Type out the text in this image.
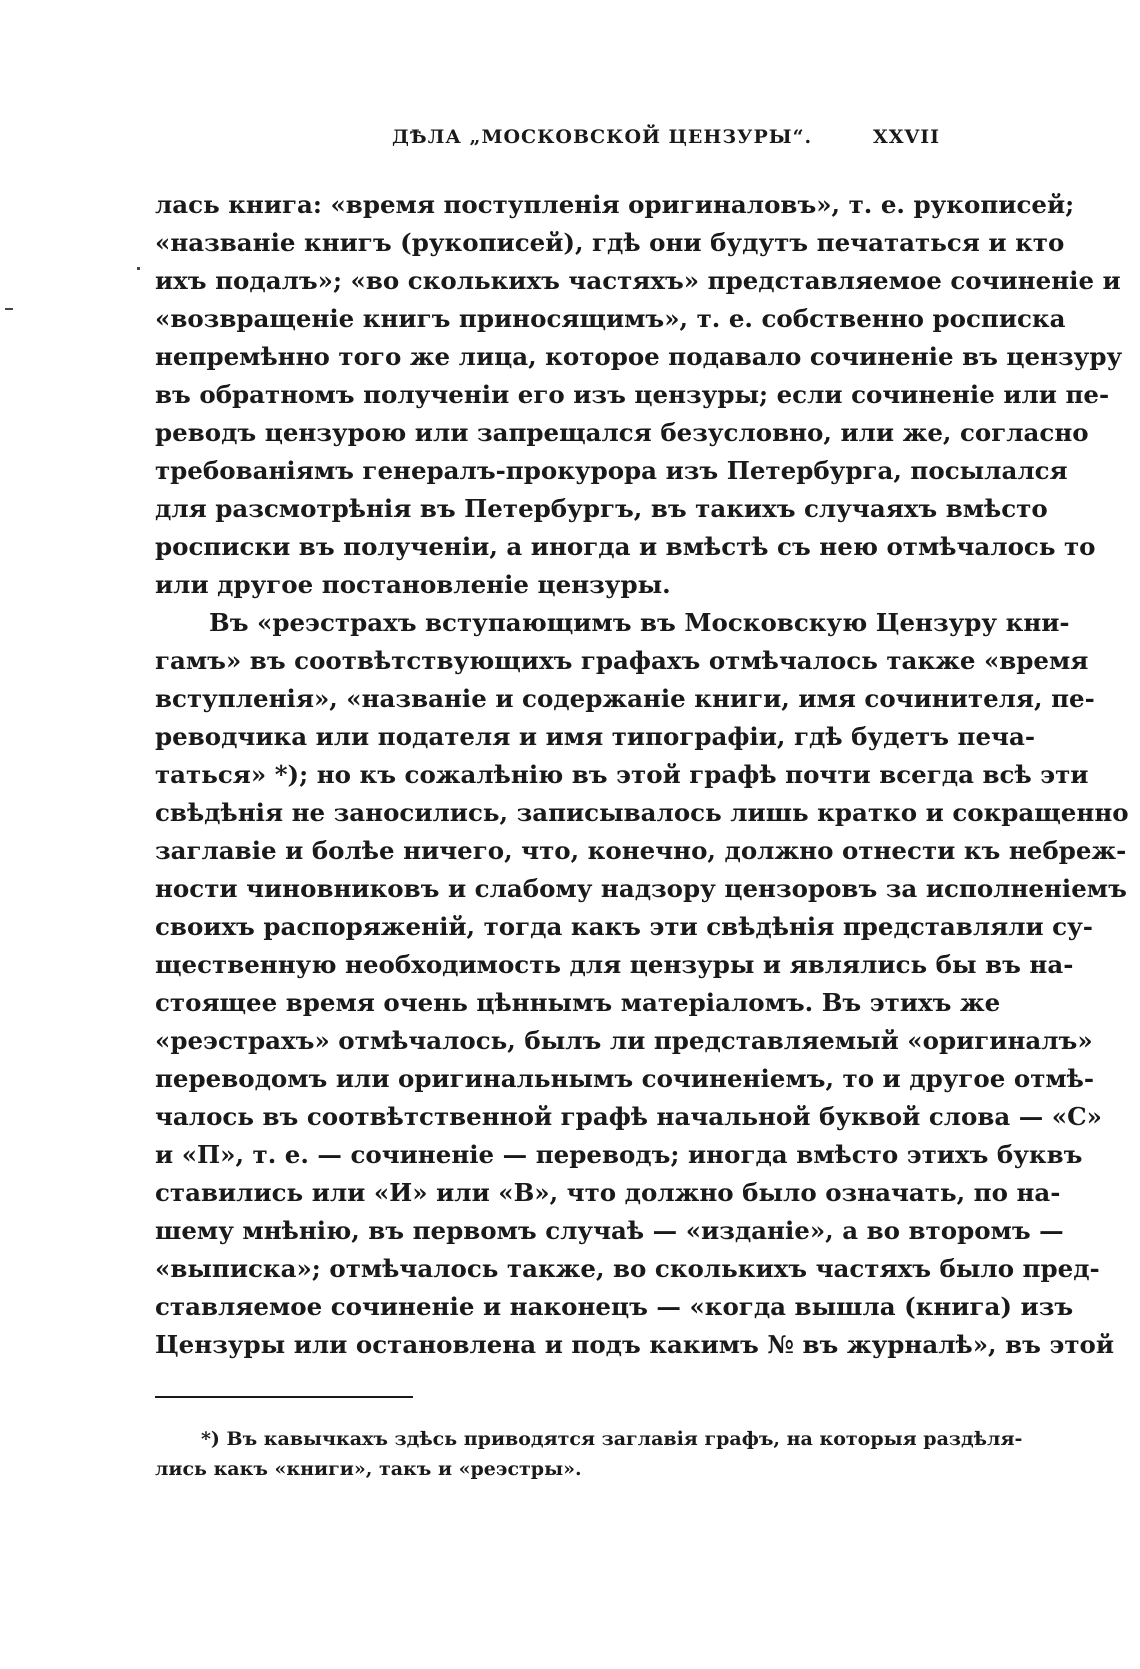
ДѢЛА „МОСКОВСКОЙ ЦЕНЗУРЫ“.	XXVII
лась книга: «время поступленія оригиналовъ», т. е. рукописей;
«названіе книгъ (рукописей), гдѣ они будутъ печататься и кто
ихъ подалъ»; «во сколькихъ частяхъ» представляемое сочиненіе и
«возвращеніе книгъ приносящимъ», т. е. собственно росписка
непремѣнно того же лица, которое подавало сочиненіе въ цензуру
въ обратномъ полученіи его изъ цензуры; если сочиненіе или пе-
реводъ цензурою или запрещался безусловно, или же, согласно
требованіямъ генералъ-прокурора изъ Петербурга, посылался
для разсмотрѣнія въ Петербургъ, въ такихъ случаяхъ вмѣсто
росписки въ полученіи, а иногда и вмѣстѣ съ нею отмѣчалось то
или другое постановленіе цензуры.
Въ «реэстрахъ вступающимъ въ Московскую Цензуру кни-
гамъ» въ соотвѣтствующихъ графахъ отмѣчалось также «время
вступленія», «названіе и содержаніе книги, имя сочинителя, пе-
реводчика или подателя и имя типографіи, гдѣ будетъ печа-
таться» *); но къ сожалѣнію въ этой графѣ почти всегда всѣ эти
свѣдѣнія не заносились, записывалось лишь кратко и сокращенно
заглавіе и болѣе ничего, что, конечно, должно отнести къ небреж-
ности чиновниковъ и слабому надзору цензоровъ за исполненіемъ
своихъ распоряженій, тогда какъ эти свѣдѣнія представляли су-
щественную необходимость для цензуры и являлись бы въ на-
стоящее время очень цѣннымъ матеріаломъ. Въ этихъ же
«реэстрахъ» отмѣчалось, былъ ли представляемый «оригиналъ»
переводомъ или оригинальнымъ сочиненіемъ, то и другое отмѣ-
чалось въ соотвѣтственной графѣ начальной буквой слова — «С»
и «П», т. е. — сочиненіе — переводъ; иногда вмѣсто этихъ буквъ
ставились или «И» или «В», что должно было означать, по на-
шему мнѣнію, въ первомъ случаѣ — «изданіе», а во второмъ —
«выписка»; отмѣчалось также, во сколькихъ частяхъ было пред-
ставляемое сочиненіе и наконецъ — «когда вышла (книга) изъ
Цензуры или остановлена и подъ какимъ № въ журналѣ», въ этой
*) Въ кавычкахъ здѣсь приводятся заглавія графъ, на которыя раздѣля-
лись какъ «книги», такъ и «реэстры».
